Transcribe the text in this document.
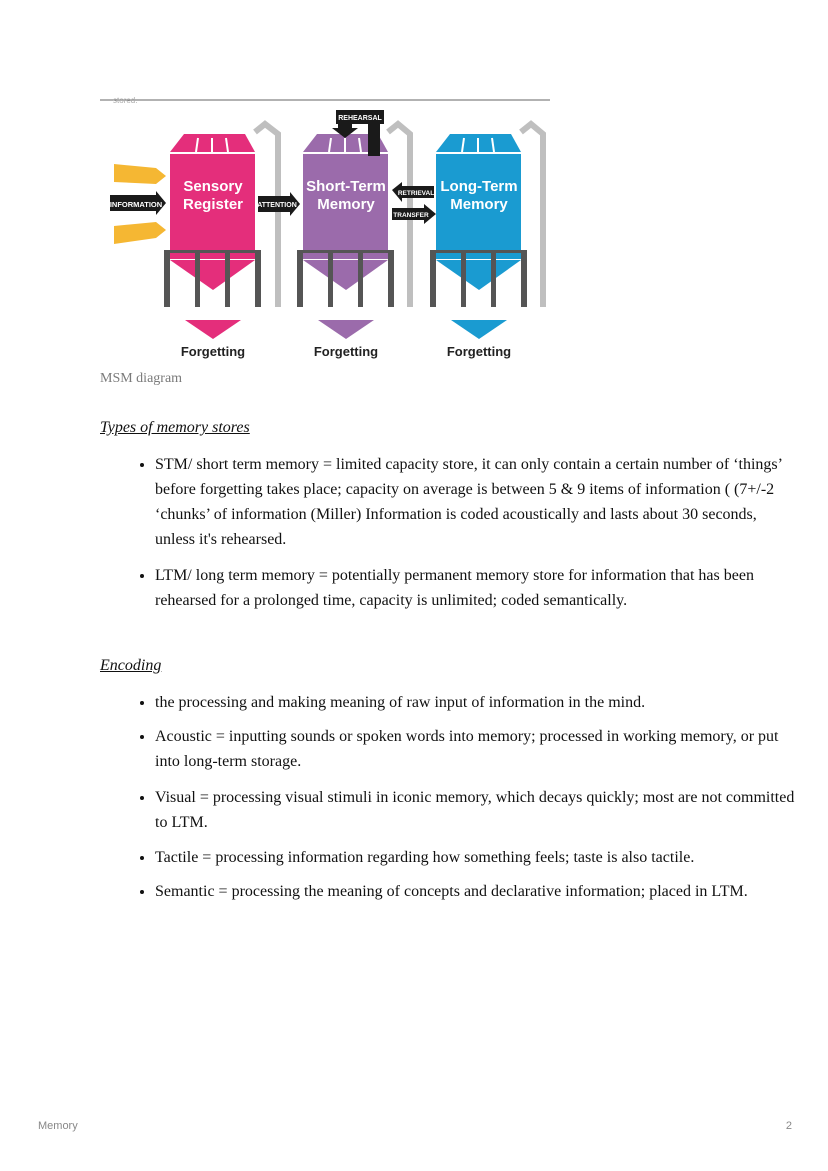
stored.
INFORMATION
Sensory
Register
Forgetting
ATTENTION
Short-Term
Memory
Forgetting
REHEARSAL
RETRIEVAL
TRANSFER
Long-Term
Memory
Forgetting
MSM diagram
Types of memory stores
• STM/ short term memory = limited capacity store, it can only contain a certain number of ‘things’ before forgetting takes place; capacity on average is between 5 & 9 items of information ( (7+/-2 ‘chunks’ of information (Miller) Information is coded acoustically and lasts about 30 seconds, unless it's rehearsed.
• LTM/ long term memory = potentially permanent memory store for information that has been rehearsed for a prolonged time, capacity is unlimited; coded semantically.
Encoding
• the processing and making meaning of raw input of information in the mind.
• Acoustic = inputting sounds or spoken words into memory; processed in working memory, or put into long-term storage.
• Visual = processing visual stimuli in iconic memory, which decays quickly; most are not committed to LTM.
• Tactile = processing information regarding how something feels; taste is also tactile.
• Semantic = processing the meaning of concepts and declarative information; placed in LTM.
Memory	2
